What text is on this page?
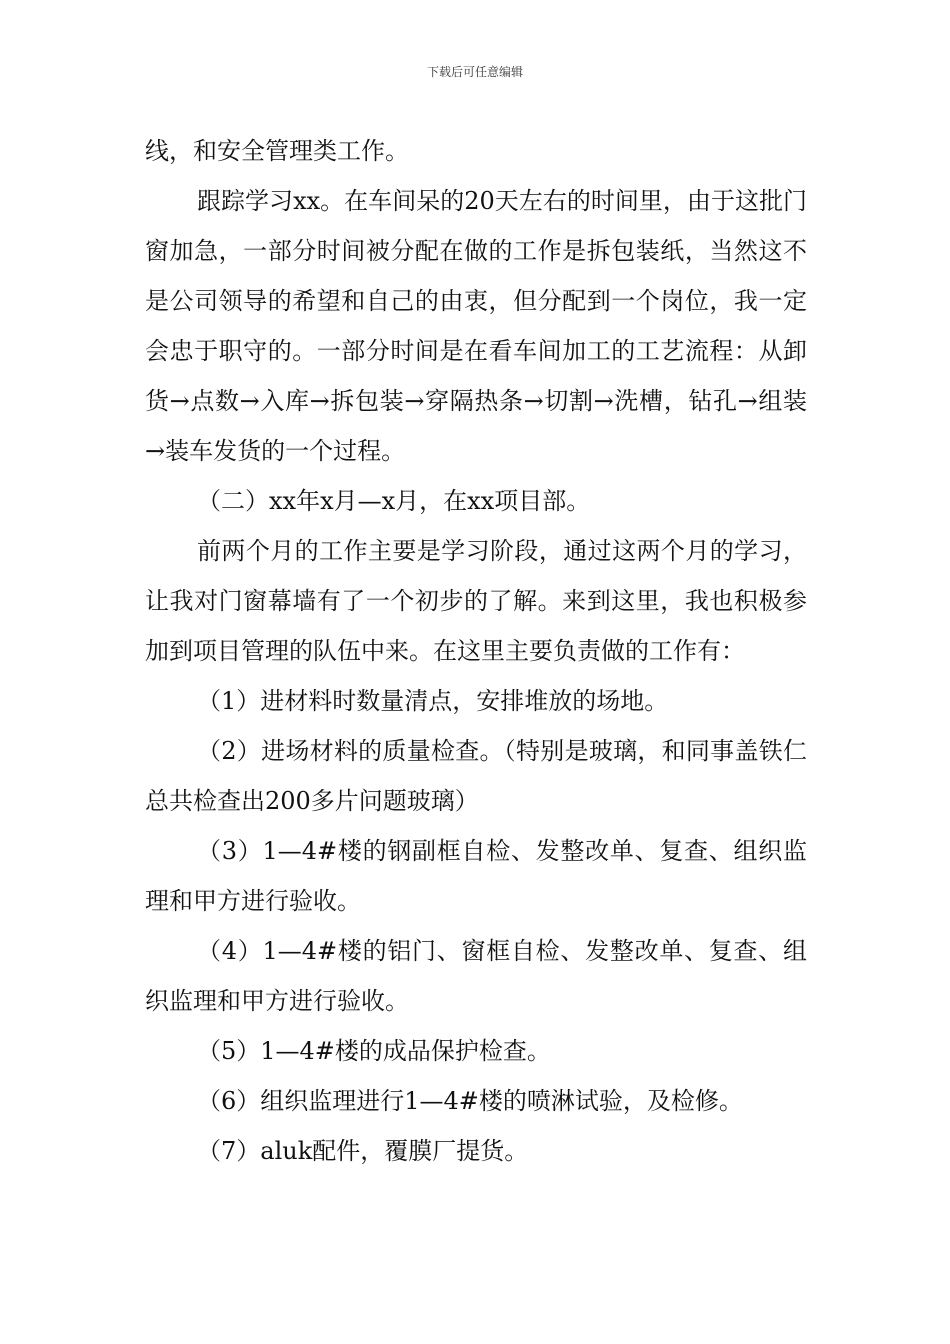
下载后可任意编辑

线，和安全管理类工作。

跟踪学习xx。在车间呆的20天左右的时间里，由于这批门窗加急，一部分时间被分配在做的工作是拆包装纸，当然这不是公司领导的希望和自己的由衷，但分配到一个岗位，我一定会忠于职守的。一部分时间是在看车间加工的工艺流程：从卸货→点数→入库→拆包装→穿隔热条→切割→洗槽，钻孔→组装→装车发货的一个过程。

（二）xx年x月—x月，在xx项目部。

前两个月的工作主要是学习阶段，通过这两个月的学习，让我对门窗幕墙有了一个初步的了解。来到这里，我也积极参加到项目管理的队伍中来。在这里主要负责做的工作有：

（1）进材料时数量清点，安排堆放的场地。

（2）进场材料的质量检查。（特别是玻璃，和同事盖铁仁总共检查出200多片问题玻璃）

（3）1—4#楼的钢副框自检、发整改单、复查、组织监理和甲方进行验收。

（4）1—4#楼的铝门、窗框自检、发整改单、复查、组织监理和甲方进行验收。

（5）1—4#楼的成品保护检查。

（6）组织监理进行1—4#楼的喷淋试验，及检修。

（7）aluk配件，覆膜厂提货。
